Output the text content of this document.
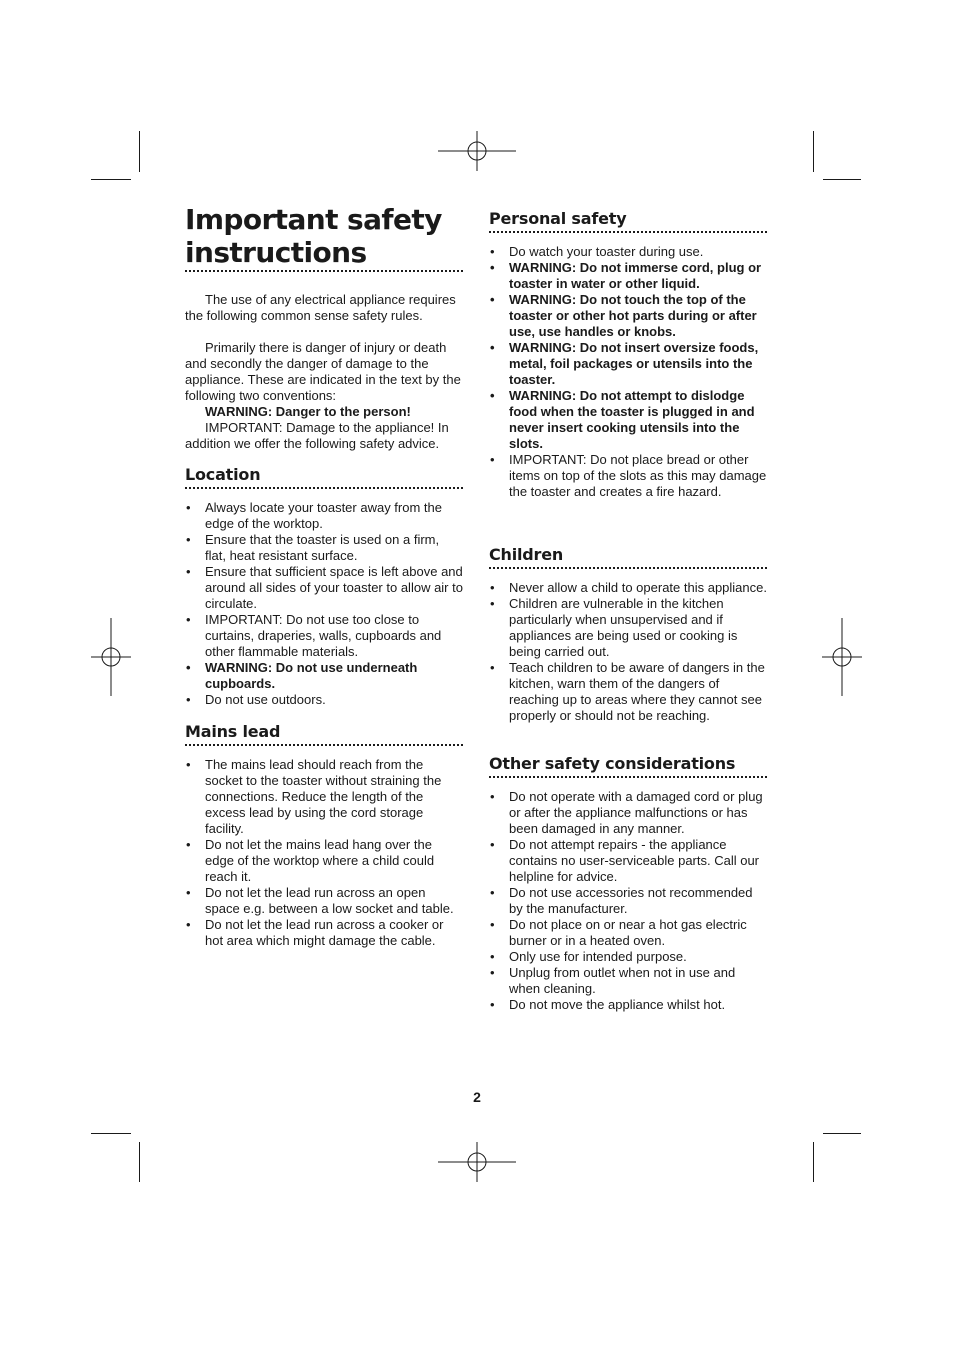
Important safety instructions

The use of any electrical appliance requires the following common sense safety rules.

Primarily there is danger of injury or death and secondly the danger of damage to the appliance. These are indicated in the text by the following two conventions:

WARNING: Danger to the person!

IMPORTANT: Damage to the appliance! In addition we offer the following safety advice.

Location
• Always locate your toaster away from the edge of the worktop.
• Ensure that the toaster is used on a firm, flat, heat resistant surface.
• Ensure that sufficient space is left above and around all sides of your toaster to allow air to circulate.
• IMPORTANT: Do not use too close to curtains, draperies, walls, cupboards and other flammable materials.
• WARNING: Do not use underneath cupboards.
• Do not use outdoors.
Mains lead
• The mains lead should reach from the socket to the toaster without straining the connections. Reduce the length of the excess lead by using the cord storage facility.
• Do not let the mains lead hang over the edge of the worktop where a child could reach it.
• Do not let the lead run across an open space e.g. between a low socket and table.
• Do not let the lead run across a cooker or hot area which might damage the cable.
Personal safety
• Do watch your toaster during use.
• WARNING: Do not immerse cord, plug or toaster in water or other liquid.
• WARNING: Do not touch the top of the toaster or other hot parts during or after use, use handles or knobs.
• WARNING: Do not insert oversize foods, metal, foil packages or utensils into the toaster.
• WARNING: Do not attempt to dislodge food when the toaster is plugged in and never insert cooking utensils into the slots.
• IMPORTANT: Do not place bread or other items on top of the slots as this may damage the toaster and creates a fire hazard.
Children
• Never allow a child to operate this appliance.
• Children are vulnerable in the kitchen particularly when unsupervised and if appliances are being used or cooking is being carried out.
• Teach children to be aware of dangers in the kitchen, warn them of the dangers of reaching up to areas where they cannot see properly or should not be reaching.
Other safety considerations
• Do not operate with a damaged cord or plug or after the appliance malfunctions or has been damaged in any manner.
• Do not attempt repairs - the appliance contains no user-serviceable parts. Call our helpline for advice.
• Do not use accessories not recommended by the manufacturer.
• Do not place on or near a hot gas electric burner or in a heated oven.
• Only use for intended purpose.
• Unplug from outlet when not in use and when cleaning.
• Do not move the appliance whilst hot.
2
